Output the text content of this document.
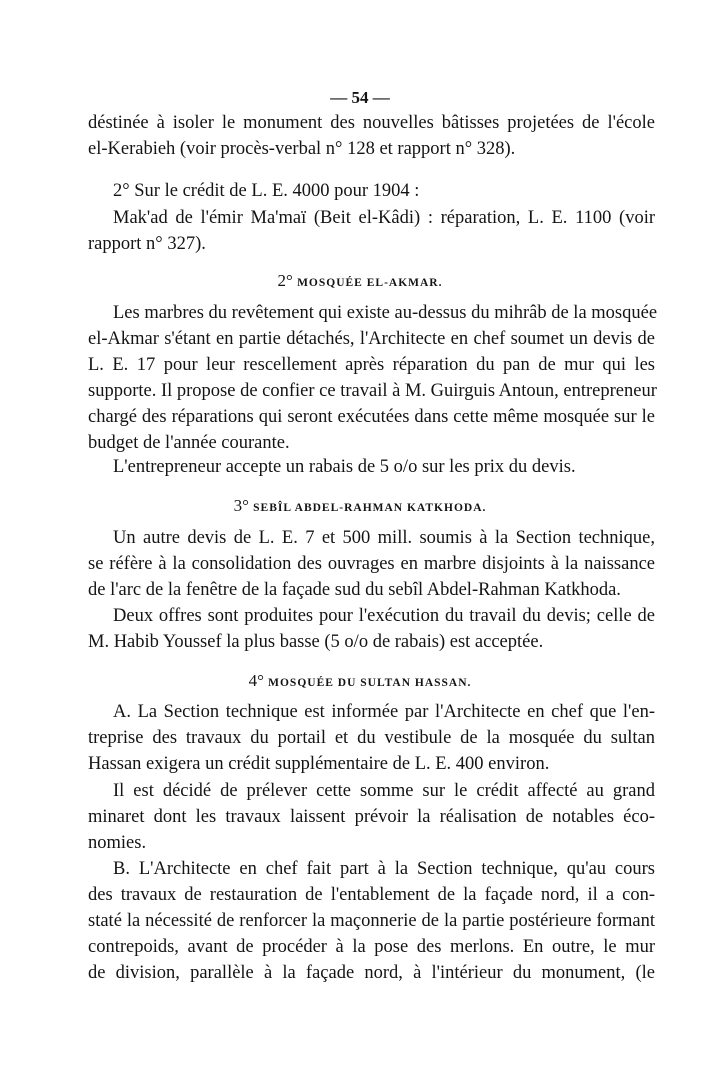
— 54 —
déstinée à isoler le monument des nouvelles bâtisses projetées de l'école
el-Kerabieh (voir procès-verbal n° 128 et rapport n° 328).
2° Sur le crédit de L. E. 4000 pour 1904 :
Mak'ad de l'émir Ma'maï (Beit el-Kâdi) : réparation, L. E. 1100 (voir
rapport n° 327).
2° MOSQUÉE EL-AKMAR.
Les marbres du revêtement qui existe au-dessus du mihrâb de la mosquée
el-Akmar s'étant en partie détachés, l'Architecte en chef soumet un devis de
L. E. 17 pour leur rescellement après réparation du pan de mur qui les
supporte. Il propose de confier ce travail à M. Guirguis Antoun, entrepreneur
chargé des réparations qui seront exécutées dans cette même mosquée sur le
budget de l'année courante.
L'entrepreneur accepte un rabais de 5 o/o sur les prix du devis.
3° SEBÎL ABDEL-RAHMAN KATKHODA.
Un autre devis de L. E. 7 et 500 mill. soumis à la Section technique,
se réfère à la consolidation des ouvrages en marbre disjoints à la naissance
de l'arc de la fenêtre de la façade sud du sebîl Abdel-Rahman Katkhoda.
Deux offres sont produites pour l'exécution du travail du devis; celle de
M. Habib Youssef la plus basse (5 o/o de rabais) est acceptée.
4° MOSQUÉE DU SULTAN HASSAN.
A. La Section technique est informée par l'Architecte en chef que l'en-
treprise des travaux du portail et du vestibule de la mosquée du sultan
Hassan exigera un crédit supplémentaire de L. E. 400 environ.
Il est décidé de prélever cette somme sur le crédit affecté au grand
minaret dont les travaux laissent prévoir la réalisation de notables éco-
nomies.
B. L'Architecte en chef fait part à la Section technique, qu'au cours
des travaux de restauration de l'entablement de la façade nord, il a con-
staté la nécessité de renforcer la maçonnerie de la partie postérieure formant
contrepoids, avant de procéder à la pose des merlons. En outre, le mur
de division, parallèle à la façade nord, à l'intérieur du monument, (le
